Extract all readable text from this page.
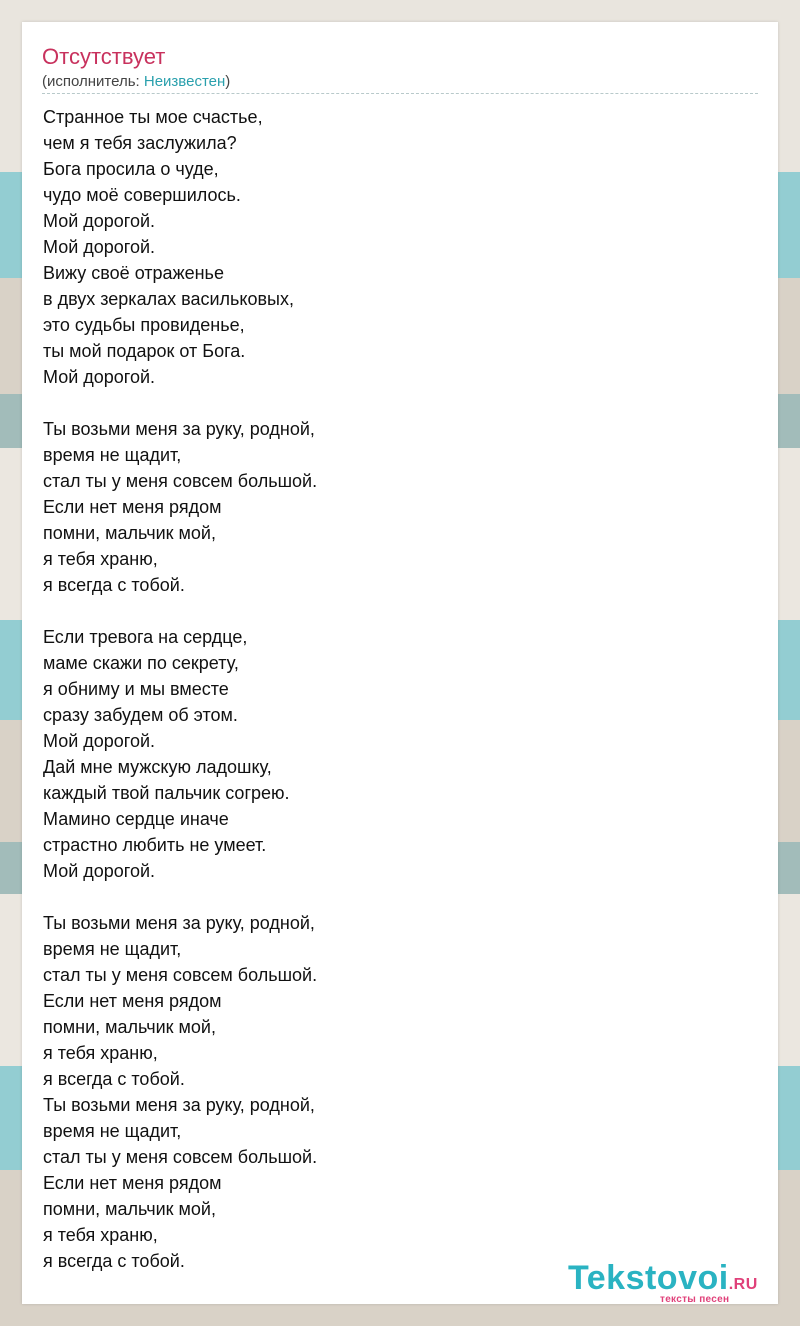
Отсутствует
(исполнитель: Неизвестен)
Странное ты мое счастье,
чем я тебя заслужила?
Бога просила о чуде,
чудо моё совершилось.
Мой дорогой.
Мой дорогой.
Вижу своё отраженье
в двух зеркалах васильковых,
это судьбы провиденье,
ты мой подарок от Бога.
Мой дорогой.
Ты возьми меня за руку, родной,
время не щадит,
стал ты у меня совсем большой.
Если нет меня рядом
помни, мальчик мой,
я тебя храню,
я всегда с тобой.
Если тревога на сердце,
маме скажи по секрету,
я обниму и мы вместе
сразу забудем об этом.
Мой дорогой.
Дай мне мужскую ладошку,
каждый твой пальчик согрею.
Мамино сердце иначе
страстно любить не умеет.
Мой дорогой.
Ты возьми меня за руку, родной,
время не щадит,
стал ты у меня совсем большой.
Если нет меня рядом
помни, мальчик мой,
я тебя храню,
я всегда с тобой.
Ты возьми меня за руку, родной,
время не щадит,
стал ты у меня совсем большой.
Если нет меня рядом
помни, мальчик мой,
я тебя храню,
я всегда с тобой.	Tekstovoi.RU
тексты песен
